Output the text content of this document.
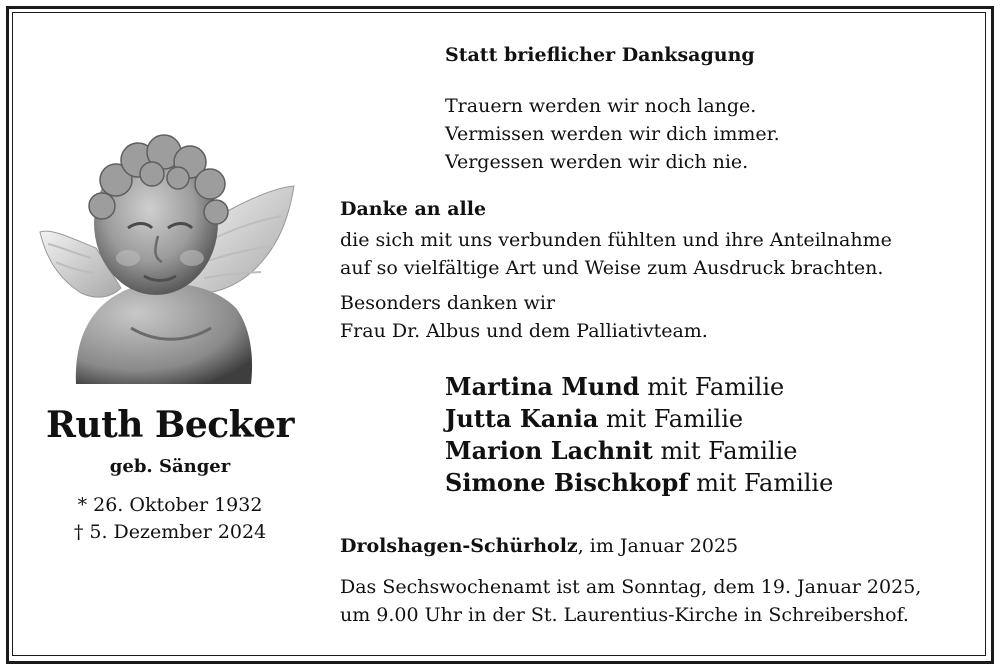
Ruth Becker
geb. Sänger
* 26. Oktober 1932
† 5. Dezember 2024
Statt brieflicher Danksagung
Trauern werden wir noch lange.
Vermissen werden wir dich immer.
Vergessen werden wir dich nie.
Danke an alle
die sich mit uns verbunden fühlten und ihre Anteilnahme
auf so vielfältige Art und Weise zum Ausdruck brachten.
Besonders danken wir
Frau Dr. Albus und dem Palliativteam.
Martina Mund mit Familie
Jutta Kania mit Familie
Marion Lachnit mit Familie
Simone Bischkopf mit Familie
Drolshagen-Schürholz, im Januar 2025
Das Sechswochenamt ist am Sonntag, dem 19. Januar 2025,
um 9.00 Uhr in der St. Laurentius-Kirche in Schreibershof.
